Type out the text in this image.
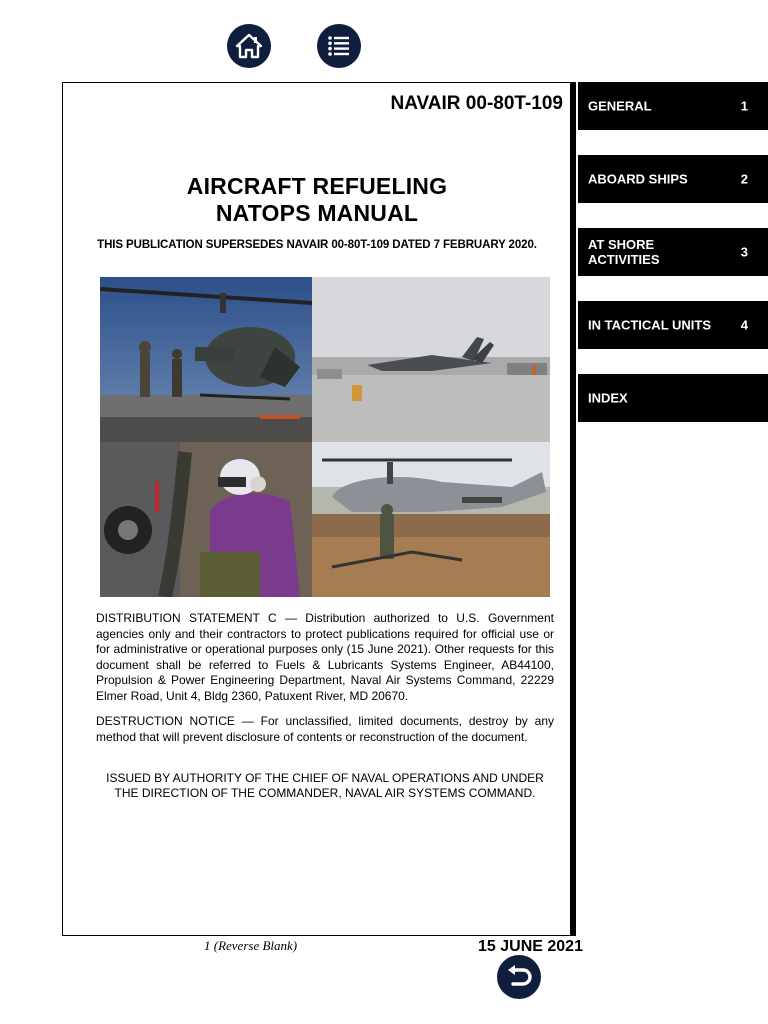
NAVAIR 00-80T-109
AIRCRAFT REFUELING
NATOPS MANUAL
THIS PUBLICATION SUPERSEDES NAVAIR 00-80T-109 DATED 7 FEBRUARY 2020.
DISTRIBUTION STATEMENT C — Distribution authorized to U.S. Government agencies only and their contractors to protect publications required for official use or for administrative or operational purposes only (15 June 2021). Other requests for this document shall be referred to Fuels & Lubricants Systems Engineer, AB44100, Propulsion & Power Engineering Department, Naval Air Systems Command, 22229 Elmer Road, Unit 4, Bldg 2360, Patuxent River, MD 20670.
DESTRUCTION NOTICE — For unclassified, limited documents, destroy by any method that will prevent disclosure of contents or reconstruction of the document.
ISSUED BY AUTHORITY OF THE CHIEF OF NAVAL OPERATIONS AND UNDER
THE DIRECTION OF THE COMMANDER, NAVAL AIR SYSTEMS COMMAND.
1 (Reverse Blank)	15 JUNE 2021
GENERAL	1
ABOARD SHIPS	2
AT SHORE ACTIVITIES	3
IN TACTICAL UNITS 4
INDEX
